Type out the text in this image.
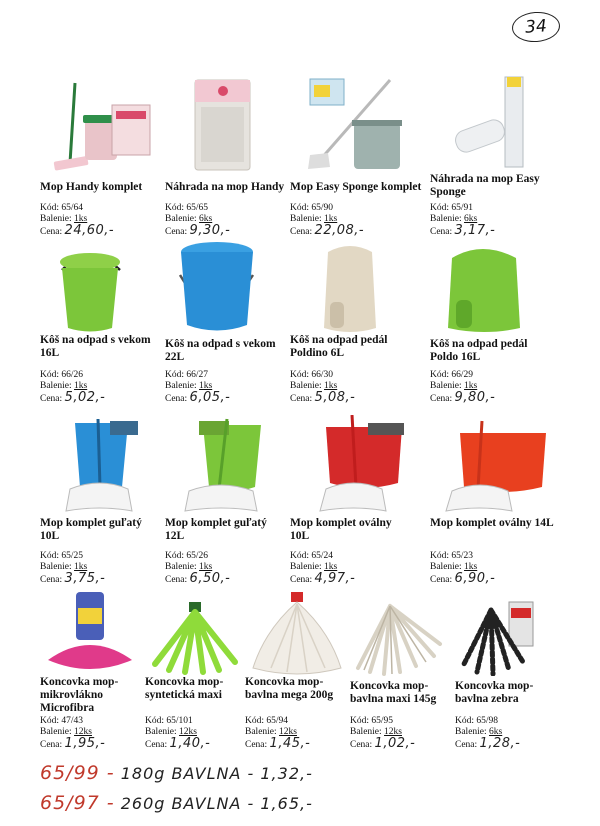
34
Mop Handy komplet
Kód: 65/64
Balenie: 1ks
Cena: 24,60,-
Náhrada na mop Handy
Kód: 65/65
Balenie: 6ks
Cena: 9,30,-
Mop Easy Sponge komplet
Kód: 65/90
Balenie: 1ks
Cena: 22,08,-
Náhrada na mop Easy Sponge
Kód: 65/91
Balenie: 6ks
Cena: 3,17,-
Kôš na odpad s vekom 16L
Kód: 66/26
Balenie: 1ks
Cena: 5,02,-
Kôš na odpad s vekom 22L
Kód: 66/27
Balenie: 1ks
Cena: 6,05,-
Kôš na odpad pedál Poldino 6L
Kód: 66/30
Balenie: 1ks
Cena: 5,08,-
Kôš na odpad pedál Poldo 16L
Kód: 66/29
Balenie: 1ks
Cena: 9,80,-
Mop komplet guľatý 10L
Kód: 65/25
Balenie: 1ks
Cena: 3,75,-
Mop komplet guľatý 12L
Kód: 65/26
Balenie: 1ks
Cena: 6,50,-
Mop komplet oválny 10L
Kód: 65/24
Balenie: 1ks
Cena: 4,97,-
Mop komplet oválny 14L
Kód: 65/23
Balenie: 1ks
Cena: 6,90,-
Koncovka mop-mikrovlákno Microfibra
Kód: 47/43
Balenie: 12ks
Cena: 1,95,-
Koncovka mop-syntetická maxi
Kód: 65/101
Balenie: 12ks
Cena: 1,40,-
Koncovka mop-bavlna mega 200g
Kód: 65/94
Balenie: 12ks
Cena: 1,45,-
Koncovka mop-bavlna maxi 145g
Kód: 65/95
Balenie: 12ks
Cena: 1,02,-
Koncovka mop-bavlna zebra
Kód: 65/98
Balenie: 6ks
Cena: 1,28,-
65/99 - 180g BAVLNA - 1,32,-
65/97 - 260g BAVLNA - 1,65,-
